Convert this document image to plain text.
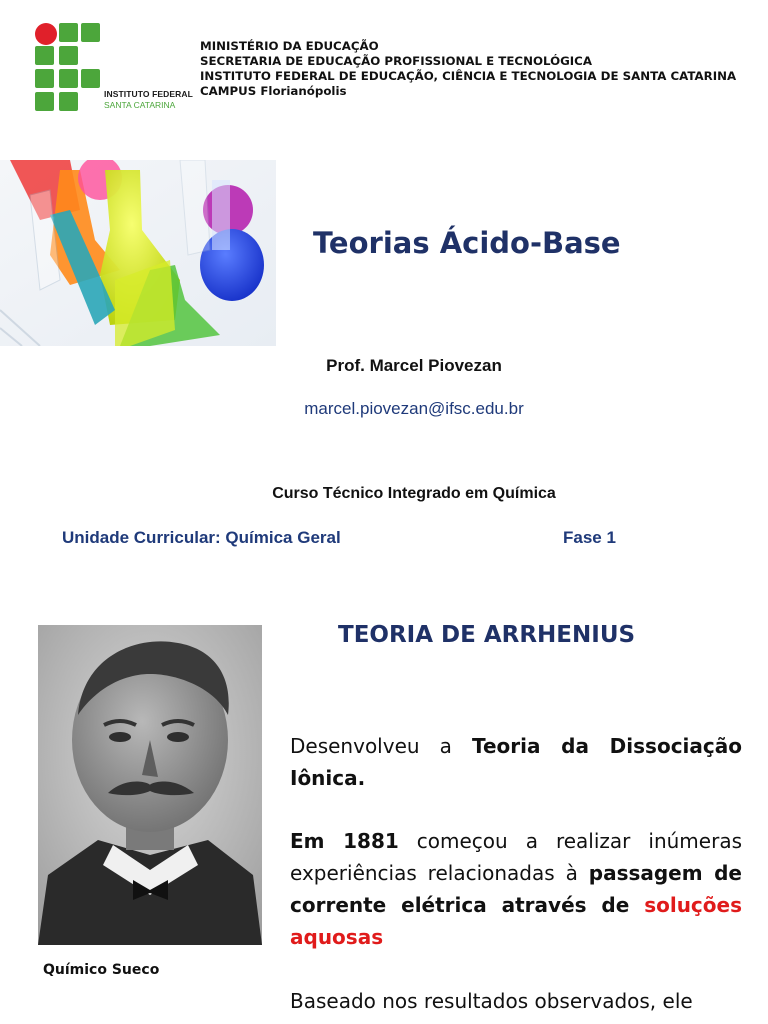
INSTITUTO FEDERAL
SANTA CATARINA
MINISTÉRIO DA EDUCAÇÃO
SECRETARIA DE EDUCAÇÃO PROFISSIONAL E TECNOLÓGICA
INSTITUTO FEDERAL DE EDUCAÇÃO, CIÊNCIA E TECNOLOGIA DE SANTA CATARINA
CAMPUS Florianópolis
Teorias Ácido-Base
Prof. Marcel Piovezan
marcel.piovezan@ifsc.edu.br
Curso Técnico Integrado em Química
Unidade Curricular: Química Geral	Fase 1
Químico Sueco
TEORIA DE ARRHENIUS
Desenvolveu a Teoria da Dissociação Iônica.
Em 1881 começou a realizar inúmeras experiências relacionadas à passagem de corrente elétrica através de soluções aquosas
Baseado nos resultados observados, ele
